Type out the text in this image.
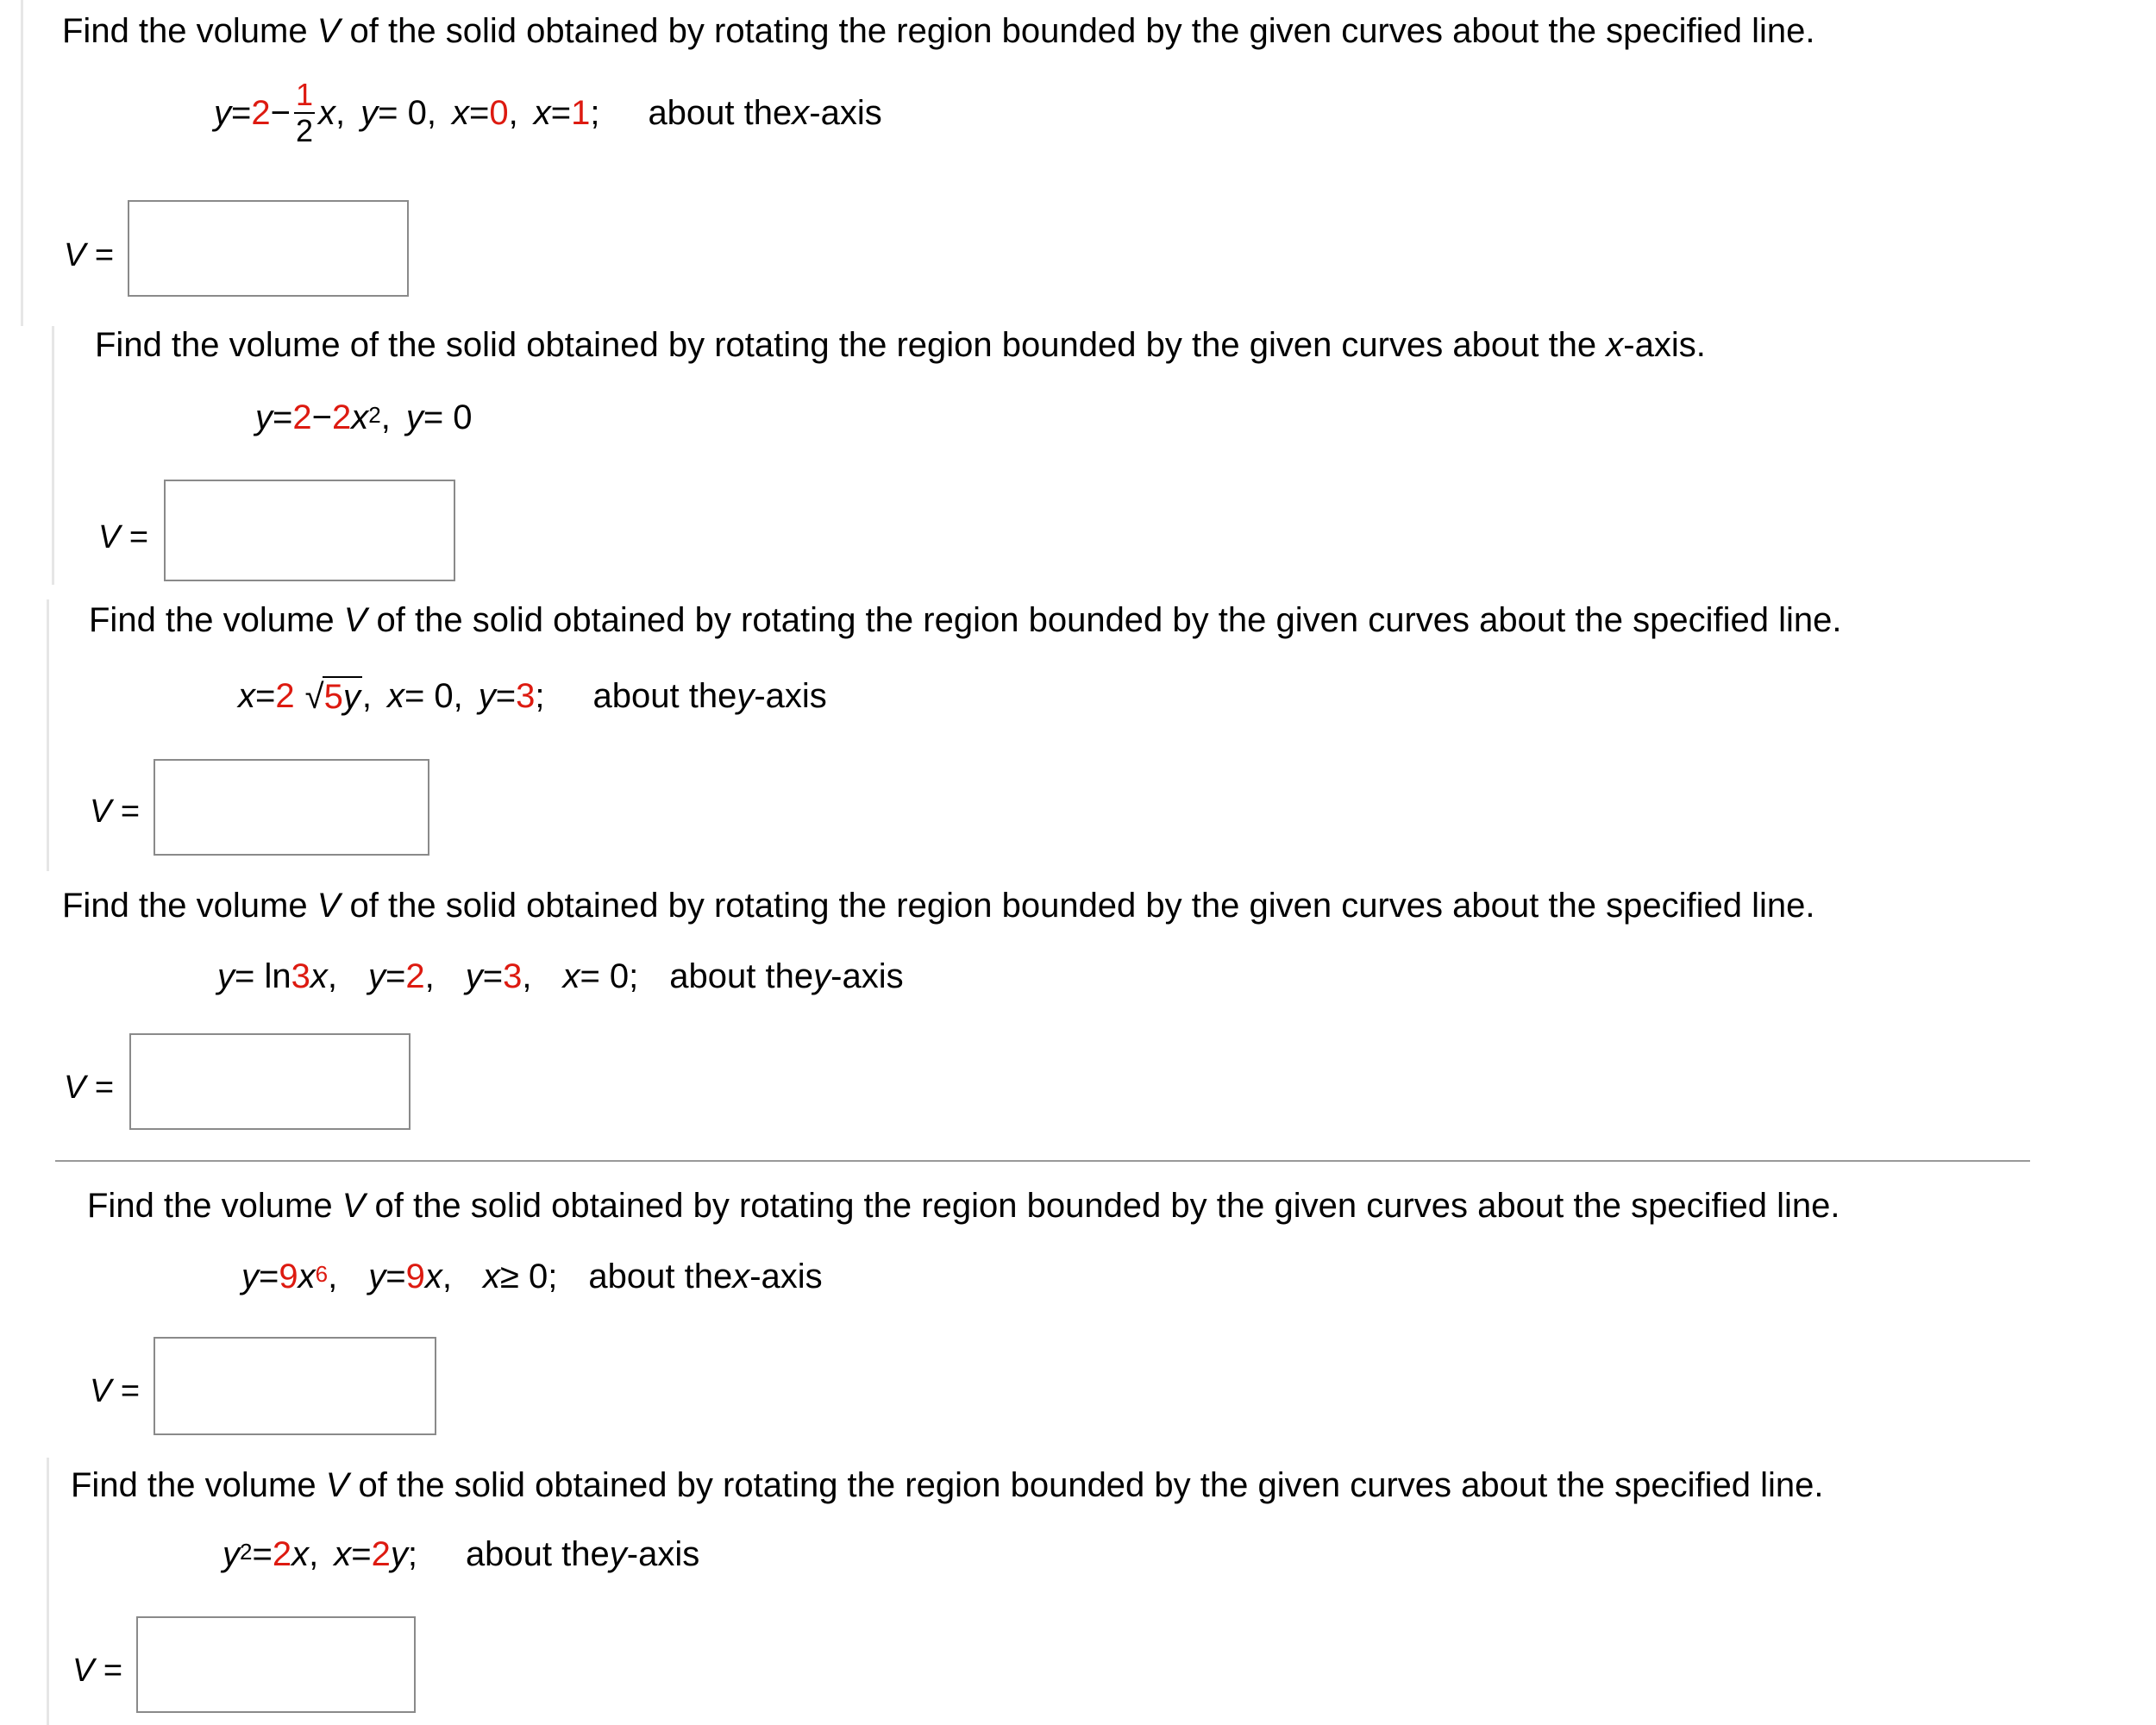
Find the volume V of the solid obtained by rotating the region bounded by the given curves about the specified line.
$y = 2 - \frac{1}{2}$ x , y = 0, x = 0 , x = 1 ; about the x -axis
V =
Find the volume of the solid obtained by rotating the region bounded by the given curves about the x-axis.
y = 2 − 2 $x^2$ , y = 0
V =
Find the volume V of the solid obtained by rotating the region bounded by the given curves about the specified line.
x = 2 √ 5y , x = 0, y = 3 ; about the y -axis
V =
Find the volume V of the solid obtained by rotating the region bounded by the given curves about the specified line.
y = ln 3 x , y = 2 , y = 3 , x = 0; about the y -axis
V =
Find the volume V of the solid obtained by rotating the region bounded by the given curves about the specified line.
y = 9 $x^6$ , y = 9 x , x ≥ 0; about the x -axis
V =
Find the volume V of the solid obtained by rotating the region bounded by the given curves about the specified line.
$y^2 = 2$ x , x = 2 y ; about the y -axis
V =
